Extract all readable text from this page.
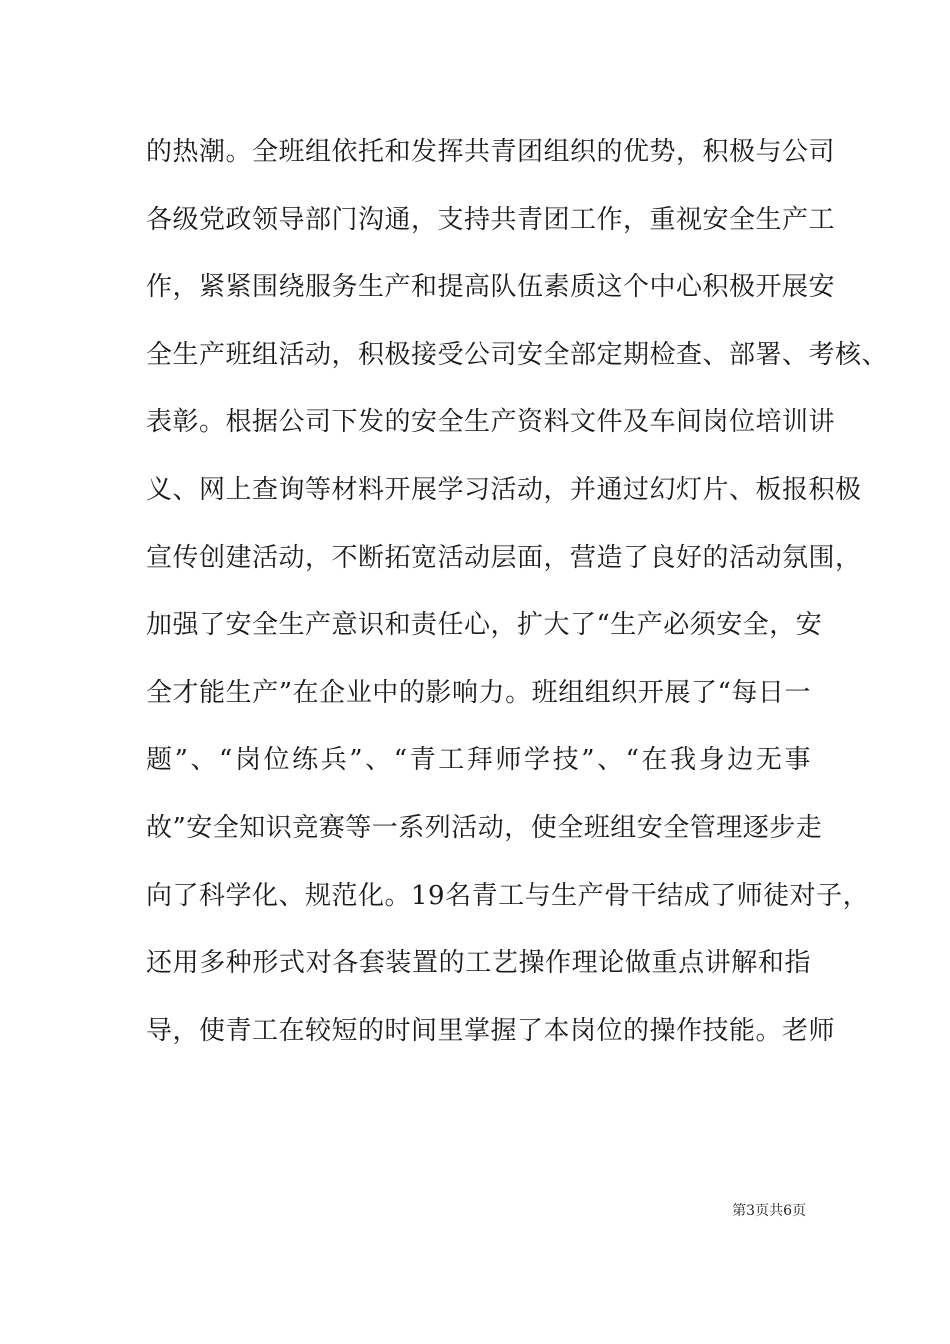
的热潮。全班组依托和发挥共青团组织的优势，积极与公司
各级党政领导部门沟通，支持共青团工作，重视安全生产工
作，紧紧围绕服务生产和提高队伍素质这个中心积极开展安
全生产班组活动，积极接受公司安全部定期检查、部署、考核、
表彰。根据公司下发的安全生产资料文件及车间岗位培训讲
义、网上查询等材料开展学习活动，并通过幻灯片、板报积极
宣传创建活动，不断拓宽活动层面，营造了良好的活动氛围，
加强了安全生产意识和责任心，扩大了“生产必须安全，安
全才能生产”在企业中的影响力。班组组织开展了“每日一
题”、“岗位练兵”、“青工拜师学技”、“在我身边无事
故”安全知识竞赛等一系列活动，使全班组安全管理逐步走
向了科学化、规范化。19名青工与生产骨干结成了师徒对子，
还用多种形式对各套装置的工艺操作理论做重点讲解和指
导，使青工在较短的时间里掌握了本岗位的操作技能。老师
第3页共6页
